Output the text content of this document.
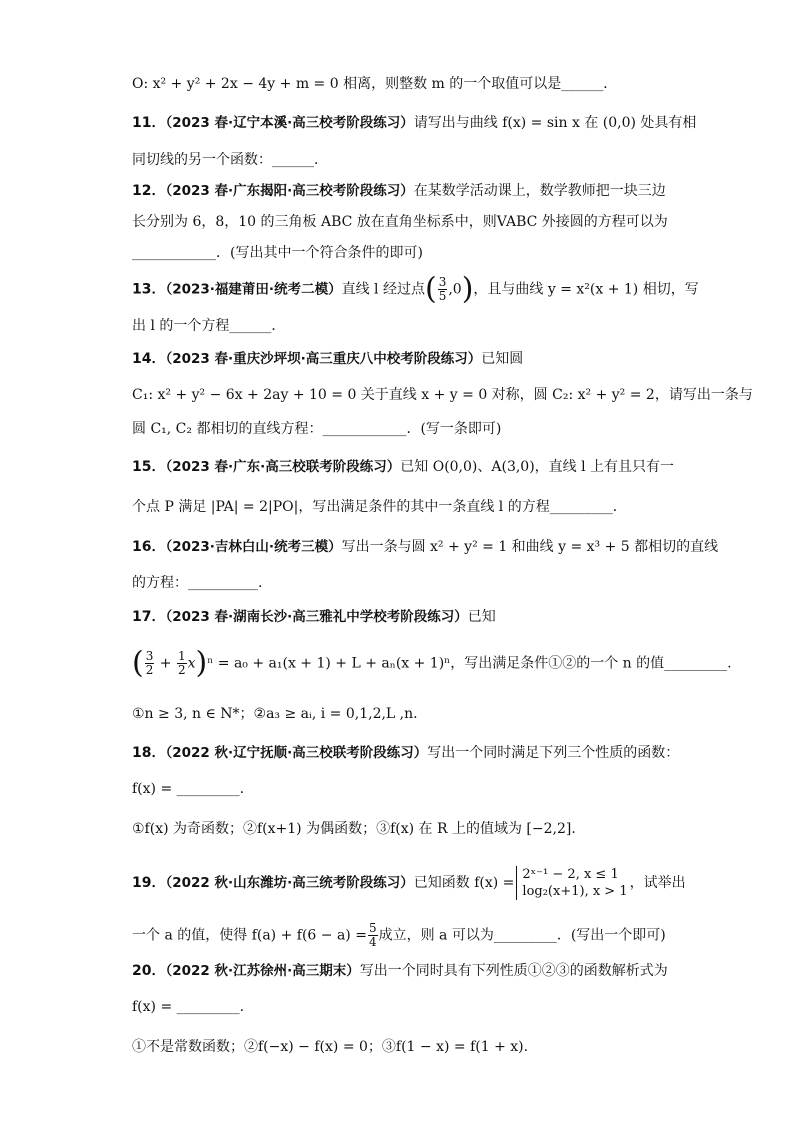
O: x² + y² + 2x − 4y + m = 0 相离，则整数 m 的一个取值可以是______．
11．（2023 春·辽宁本溪·高三校考阶段练习）请写出与曲线 f(x) = sin x 在 (0,0) 处具有相
同切线的另一个函数：______．
12．（2023 春·广东揭阳·高三校考阶段练习）在某数学活动课上，数学教师把一块三边
长分别为 6，8，10 的三角板 ABC 放在直角坐标系中，则VABC 外接圆的方程可以为
____________．(写出其中一个符合条件的即可)
13．（2023·福建莆田·统考二模）直线 l 经过点( $\frac{3}{5} ,0$)，且与曲线 y = x²(x + 1) 相切，写
出 l 的一个方程______．
14．（2023 春·重庆沙坪坝·高三重庆八中校考阶段练习）已知圆
C₁: x² + y² − 6x + 2ay + 10 = 0 关于直线 x + y = 0 对称，圆 C₂: x² + y² = 2，请写出一条与
圆 C₁, C₂ 都相切的直线方程：____________．(写一条即可)
15．（2023 春·广东·高三校联考阶段练习）已知 O(0,0)、A(3,0)，直线 l 上有且只有一
个点 P 满足 |PA| = 2|PO|，写出满足条件的其中一条直线 l 的方程_________．
16．（2023·吉林白山·统考三模）写出一条与圆 x² + y² = 1 和曲线 y = x³ + 5 都相切的直线
的方程：__________.
17．（2023 春·湖南长沙·高三雅礼中学校考阶段练习）已知
( $\frac{3}{2} + \frac{1}{2} x)^n = a_0 + a_1(x + 1) + L + a_n(x + 1)^n$，写出满足条件①②的一个 n 的值_________.
①n ≥ 3, n ∈ N*；②a₃ ≥ aᵢ, i = 0,1,2,L ,n.
18．（2022 秋·辽宁抚顺·高三校联考阶段练习）写出一个同时满足下列三个性质的函数：
f(x) = _________.
①f(x) 为奇函数；②f(x+1) 为偶函数；③f(x) 在 R 上的值域为 [−2,2].
19．（2022 秋·山东潍坊·高三统考阶段练习）已知函数 f(x) =
2ˣ⁻¹ − 2, x ≤ 1
log₂(x+1), x > 1
，试举出
一个 a 的值，使得 $f(a) + f(6 - a) = \frac{5}{4}$ 成立，则 a 可以为_________．(写出一个即可)
20．（2022 秋·江苏徐州·高三期末）写出一个同时具有下列性质①②③的函数解析式为
f(x) = _________.
①不是常数函数；②f(−x) − f(x) = 0；③f(1 − x) = f(1 + x).
